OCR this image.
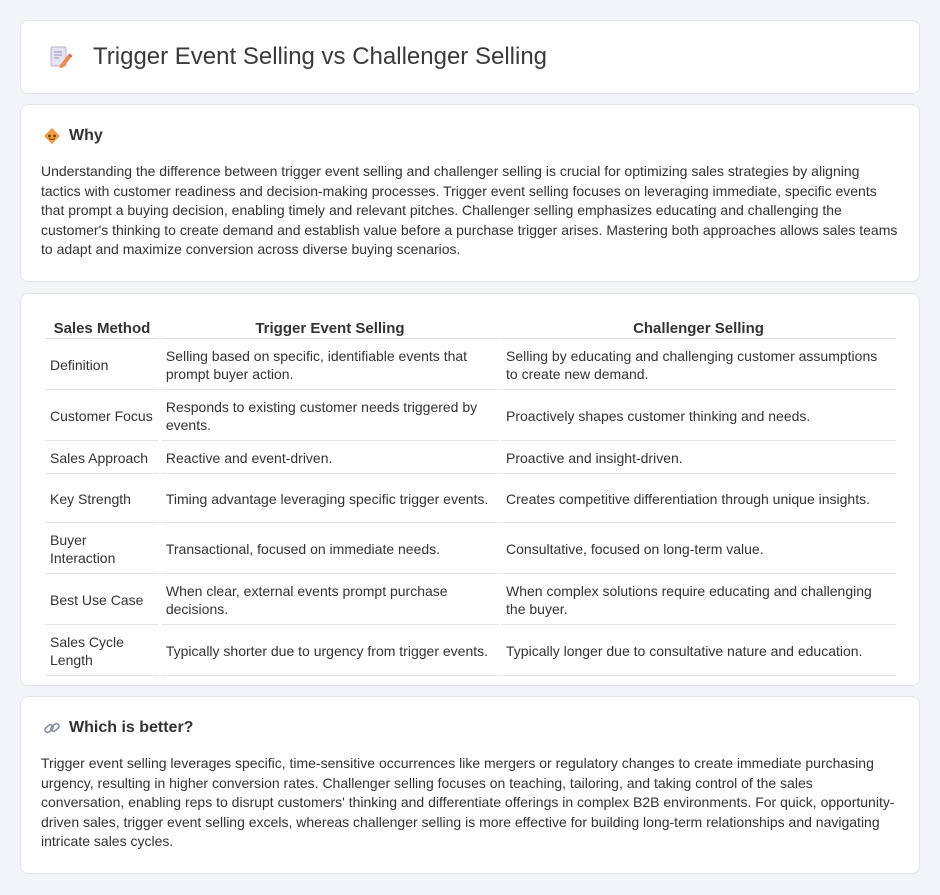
Trigger Event Selling vs Challenger Selling
Why

Understanding the difference between trigger event selling and challenger selling is crucial for optimizing sales strategies by aligning tactics with customer readiness and decision-making processes. Trigger event selling focuses on leveraging immediate, specific events that prompt a buying decision, enabling timely and relevant pitches. Challenger selling emphasizes educating and challenging the customer's thinking to create demand and establish value before a purchase trigger arises. Mastering both approaches allows sales teams to adapt and maximize conversion across diverse buying scenarios.

Sales Method	Trigger Event Selling	Challenger Selling
Definition	Selling based on specific, identifiable events that prompt buyer action.	Selling by educating and challenging customer assumptions to create new demand.
Customer Focus	Responds to existing customer needs triggered by events.	Proactively shapes customer thinking and needs.
Sales Approach	Reactive and event-driven.	Proactive and insight-driven.
Key Strength	Timing advantage leveraging specific trigger events.	Creates competitive differentiation through unique insights.
Buyer Interaction	Transactional, focused on immediate needs.	Consultative, focused on long-term value.
Best Use Case	When clear, external events prompt purchase decisions.	When complex solutions require educating and challenging the buyer.
Sales Cycle Length	Typically shorter due to urgency from trigger events.	Typically longer due to consultative nature and education.
Which is better?

Trigger event selling leverages specific, time-sensitive occurrences like mergers or regulatory changes to create immediate purchasing urgency, resulting in higher conversion rates. Challenger selling focuses on teaching, tailoring, and taking control of the sales conversation, enabling reps to disrupt customers' thinking and differentiate offerings in complex B2B environments. For quick, opportunity-driven sales, trigger event selling excels, whereas challenger selling is more effective for building long-term relationships and navigating intricate sales cycles.
